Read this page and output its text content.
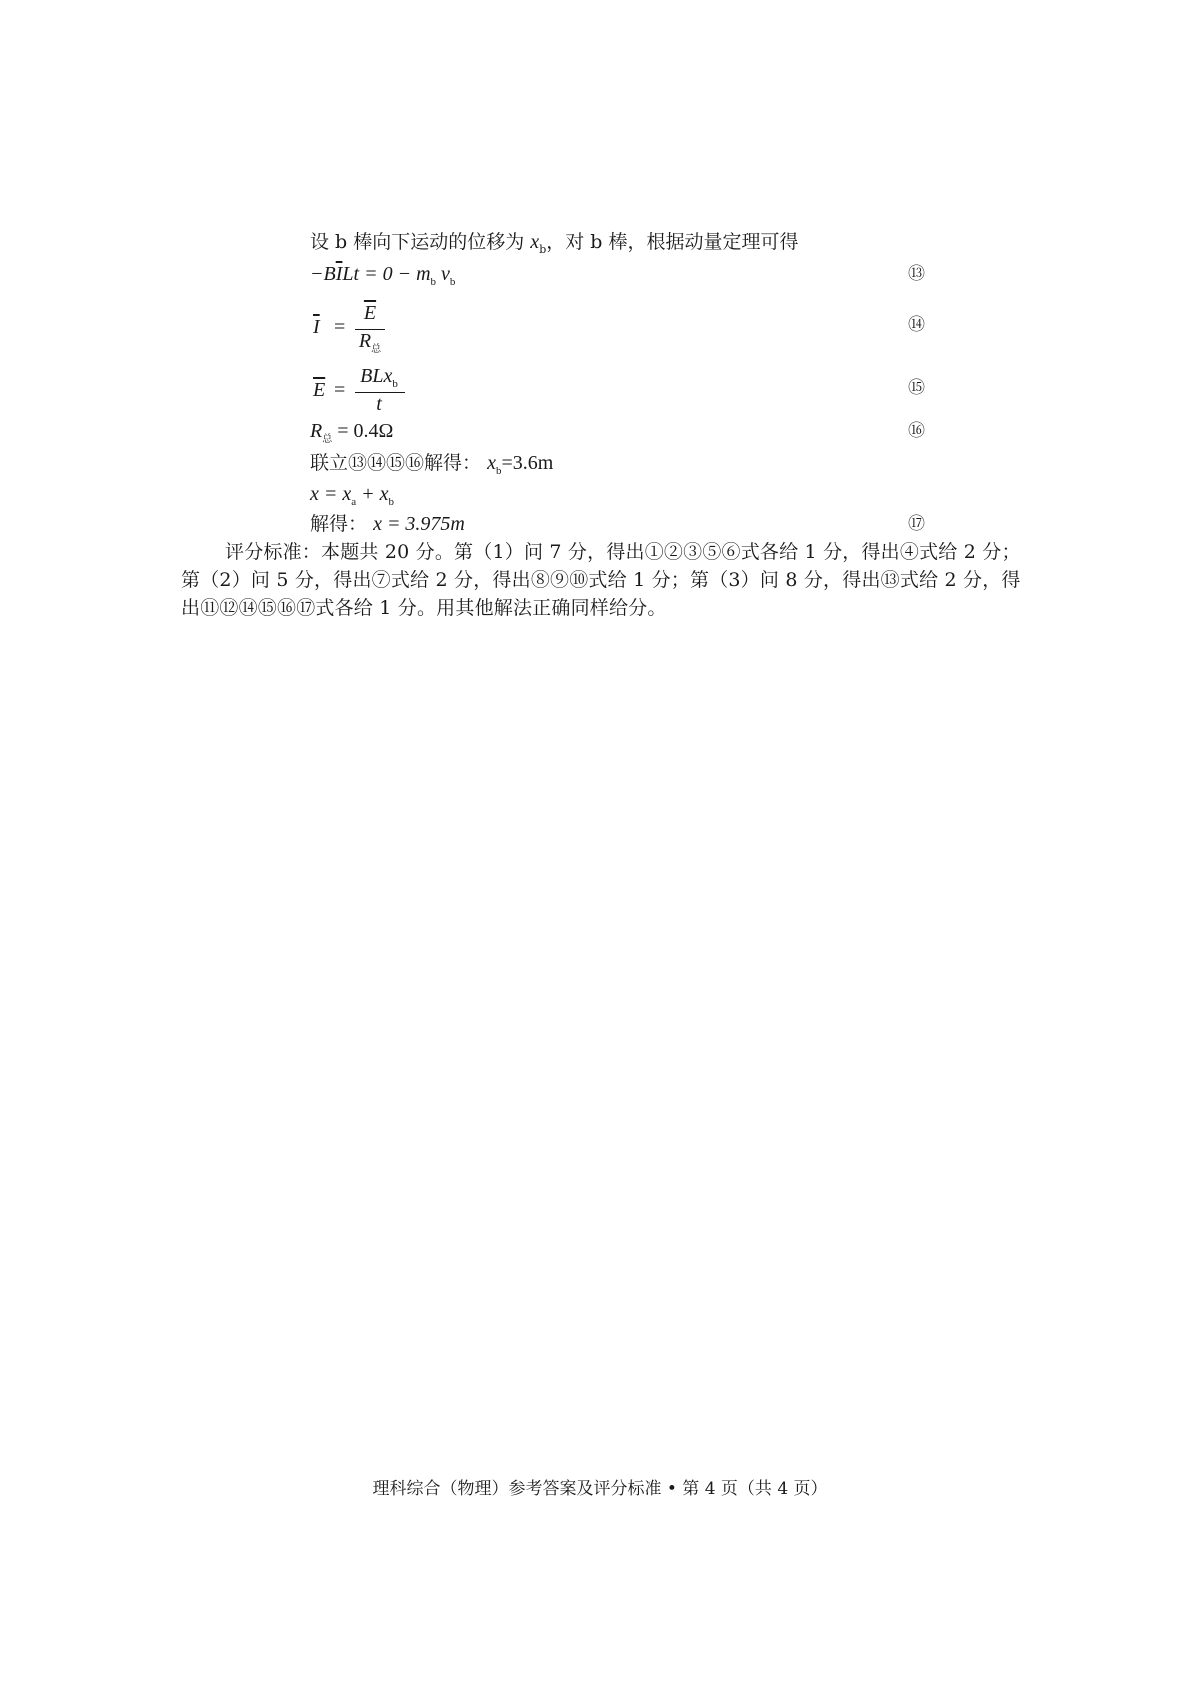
设 b 棒向下运动的位移为 $x_b$，对 b 棒，根据动量定理可得
$-B\overline{I}Lt = 0 - m_b$ $v_b$	⑬
$\overline{I}$ =
$\overline{E}$
$R_总$
⑭
$\overline{E}$ =
BLx$_b$
t
⑮
$R_总 = 0.4\Omega$	⑯
联立⑬⑭⑮⑯解得： $x_b=3.6m$
$x = x_a + x_b$
解得： x = 3.975m	⑰
评分标准：本题共 20 分。第（1）问 7 分，得出①②③⑤⑥式各给 1 分，得出④式给 2 分；第（2）问 5 分，得出⑦式给 2 分，得出⑧⑨⑩式给 1 分；第（3）问 8 分，得出⑬式给 2 分，得出⑪⑫⑭⑮⑯⑰式各给 1 分。用其他解法正确同样给分。
理科综合（物理）参考答案及评分标准 • 第 4 页（共 4 页）
